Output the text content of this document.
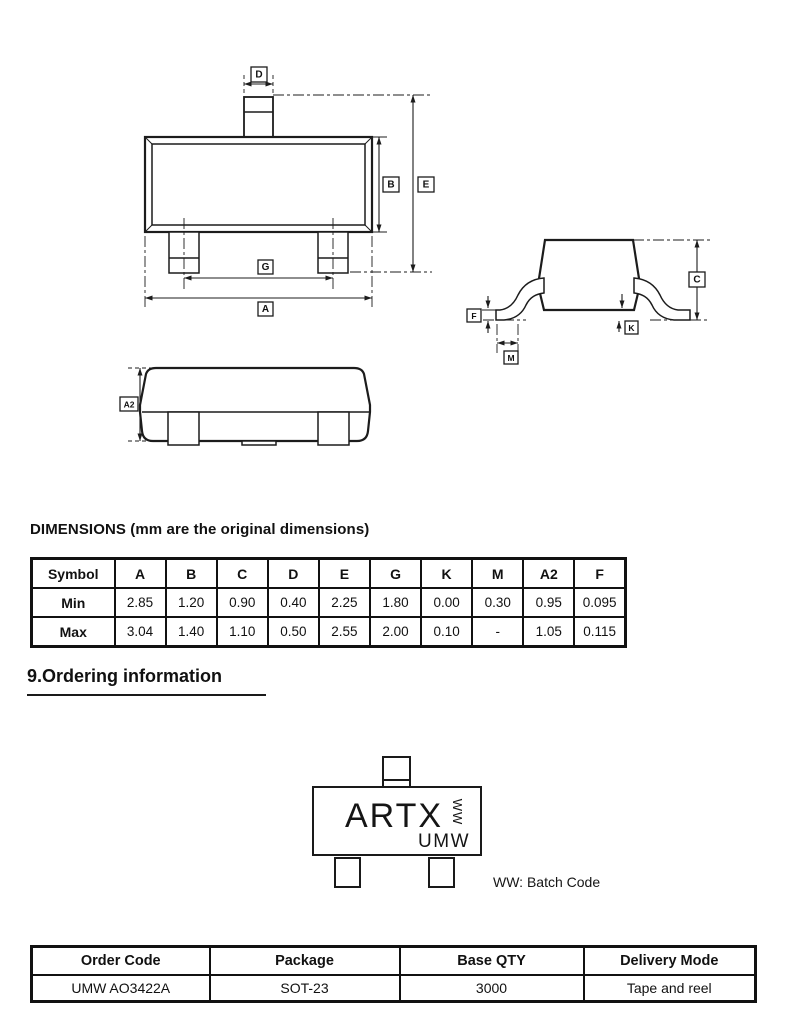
D
G
A
B	E
C
F
M
K
A2
DIMENSIONS (mm are the original dimensions)
Symbol	A	B	C	D	E	G	K	M	A2	F
Min	2.85	1.20	0.90	0.40	2.25	1.80	0.00	0.30	0.95	0.095
Max	3.04	1.40	1.10	0.50	2.55	2.00	0.10	-	1.05	0.115
9.Ordering information
ARTX WW
UMW
WW: Batch Code
Order Code	Package	Base QTY	Delivery Mode
UMW AO3422A	SOT-23	3000	Tape and reel
